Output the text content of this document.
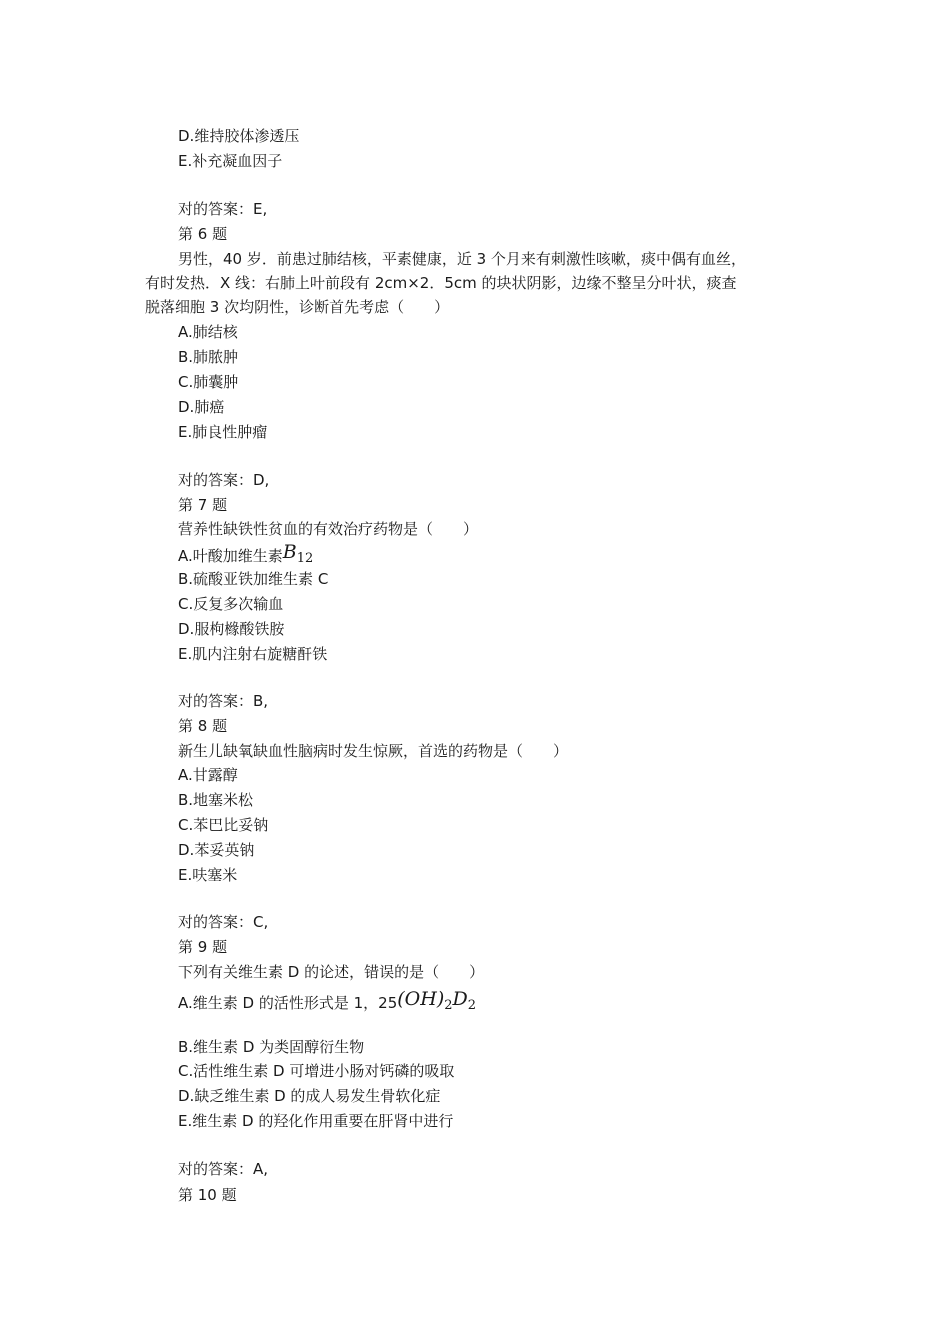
D.维持胶体渗透压
E.补充凝血因子
对的答案：E,
第 6 题
男性，40 岁．前患过肺结核，平素健康，近 3 个月来有刺激性咳嗽，痰中偶有血丝，
有时发热．X 线：右肺上叶前段有 2cm×2．5cm 的块状阴影，边缘不整呈分叶状，痰查
脱落细胞 3 次均阴性，诊断首先考虑（　　）
A.肺结核
B.肺脓肿
C.肺囊肿
D.肺癌
E.肺良性肿瘤
对的答案：D,
第 7 题
营养性缺铁性贫血的有效治疗药物是（　　）
A.叶酸加维生素$B_{12}$
B.硫酸亚铁加维生素 C
C.反复多次输血
D.服枸橼酸铁胺
E.肌内注射右旋糖酐铁
对的答案：B,
第 8 题
新生儿缺氧缺血性脑病时发生惊厥，首选的药物是（　　）
A.甘露醇
B.地塞米松
C.苯巴比妥钠
D.苯妥英钠
E.呋塞米
对的答案：C,
第 9 题
下列有关维生素 D 的论述，错误的是（　　）
A.维生素 D 的活性形式是 1，$25(OH)_2D_2$
B.维生素 D 为类固醇衍生物
C.活性维生素 D 可增进小肠对钙磷的吸取
D.缺乏维生素 D 的成人易发生骨软化症
E.维生素 D 的羟化作用重要在肝肾中进行
对的答案：A,
第 10 题
